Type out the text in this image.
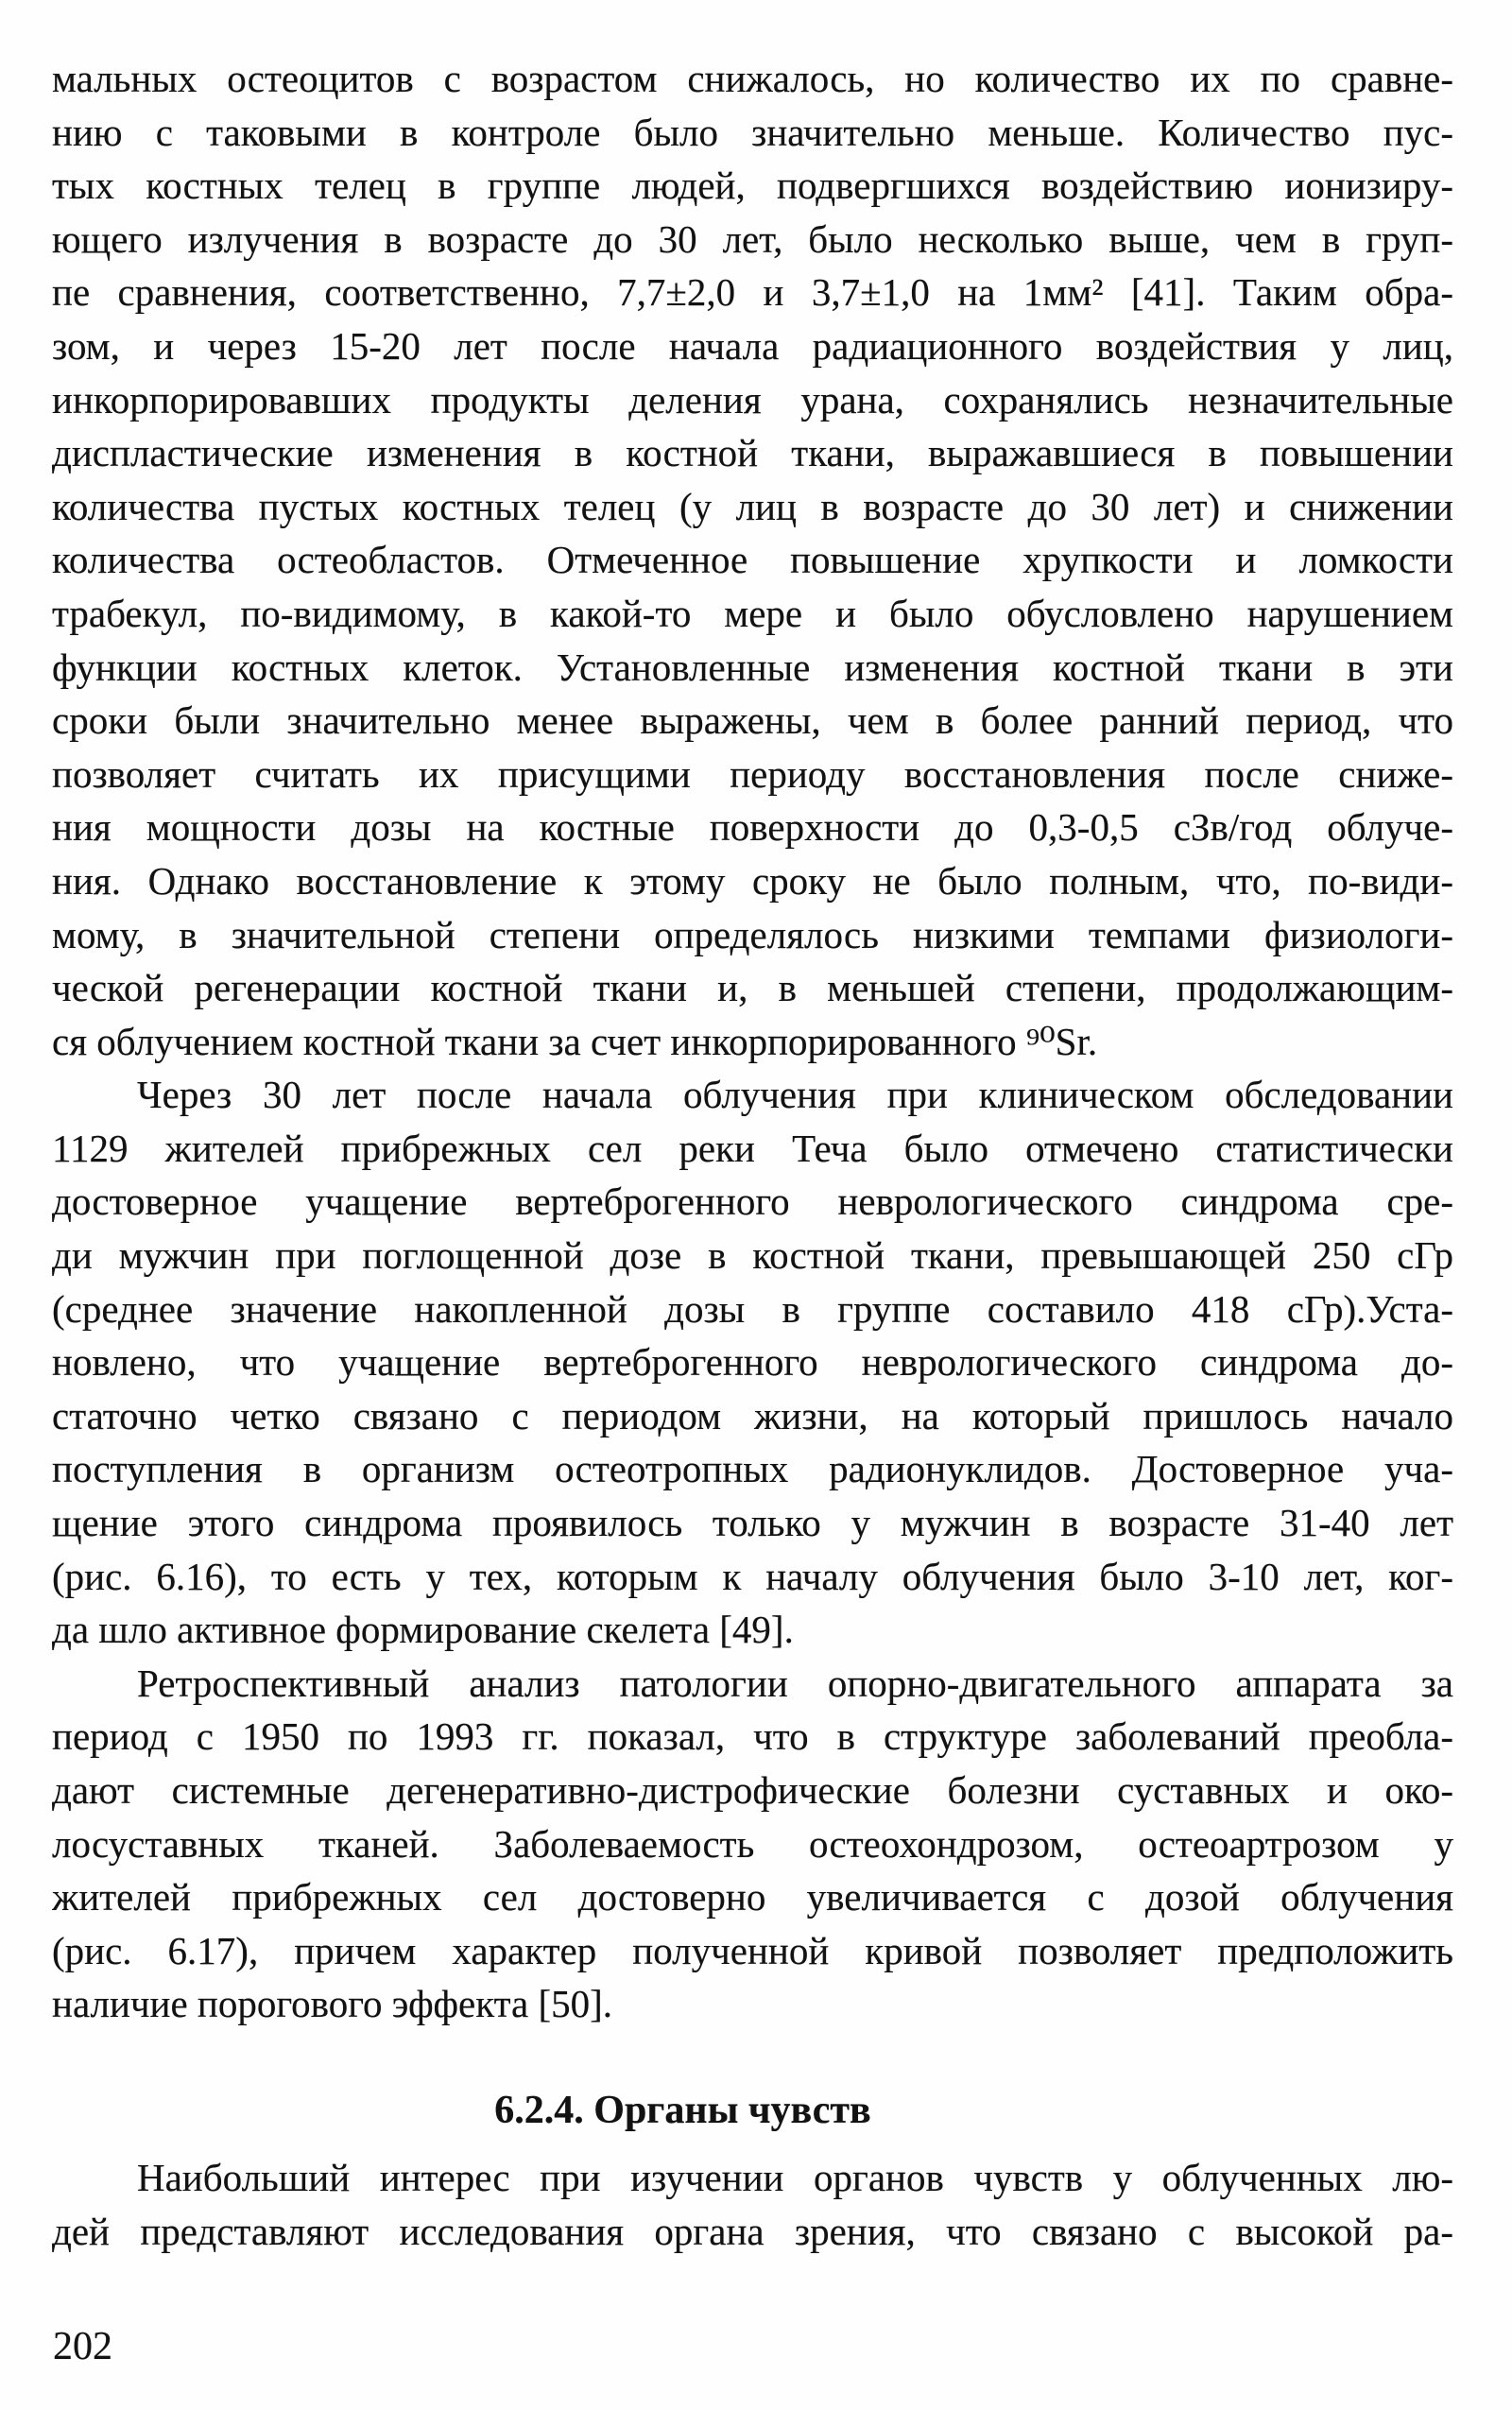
мальных остеоцитов с возрастом снижалось, но количество их по сравне-
нию с таковыми в контроле было значительно меньше. Количество пус-
тых костных телец в группе людей, подвергшихся воздействию ионизиру-
ющего излучения в возрасте до 30 лет, было несколько выше, чем в груп-
пе сравнения, соответственно, 7,7±2,0 и 3,7±1,0 на 1мм² [41]. Таким обра-
зом, и через 15-20 лет после начала радиационного воздействия у лиц,
инкорпорировавших продукты деления урана, сохранялись незначительные
диспластические изменения в костной ткани, выражавшиеся в повышении
количества пустых костных телец (у лиц в возрасте до 30 лет) и снижении
количества остеобластов. Отмеченное повышение хрупкости и ломкости
трабекул, по-видимому, в какой-то мере и было обусловлено нарушением
функции костных клеток. Установленные изменения костной ткани в эти
сроки были значительно менее выражены, чем в более ранний период, что
позволяет считать их присущими периоду восстановления после сниже-
ния мощности дозы на костные поверхности до 0,3-0,5 сЗв/год облуче-
ния. Однако восстановление к этому сроку не было полным, что, по-види-
мому, в значительной степени определялось низкими темпами физиологи-
ческой регенерации костной ткани и, в меньшей степени, продолжающим-
ся облучением костной ткани за счет инкорпорированного ⁹⁰Sr.
Через 30 лет после начала облучения при клиническом обследовании
1129 жителей прибрежных сел реки Теча было отмечено статистически
достоверное учащение вертеброгенного неврологического синдрома сре-
ди мужчин при поглощенной дозе в костной ткани, превышающей 250 сГр
(среднее значение накопленной дозы в группе составило 418 сГр).Уста-
новлено, что учащение вертеброгенного неврологического синдрома до-
статочно четко связано с периодом жизни, на который пришлось начало
поступления в организм остеотропных радионуклидов. Достоверное уча-
щение этого синдрома проявилось только у мужчин в возрасте 31-40 лет
(рис. 6.16), то есть у тех, которым к началу облучения было 3-10 лет, ког-
да шло активное формирование скелета [49].
Ретроспективный анализ патологии опорно-двигательного аппарата за
период с 1950 по 1993 гг. показал, что в структуре заболеваний преобла-
дают системные дегенеративно-дистрофические болезни суставных и око-
лосуставных тканей. Заболеваемость остеохондрозом, остеоартрозом у
жителей прибрежных сел достоверно увеличивается с дозой облучения
(рис. 6.17), причем характер полученной кривой позволяет предположить
наличие порогового эффекта [50].
6.2.4. Органы чувств
Наибольший интерес при изучении органов чувств у облученных лю-
дей представляют исследования органа зрения, что связано с высокой ра-
202
